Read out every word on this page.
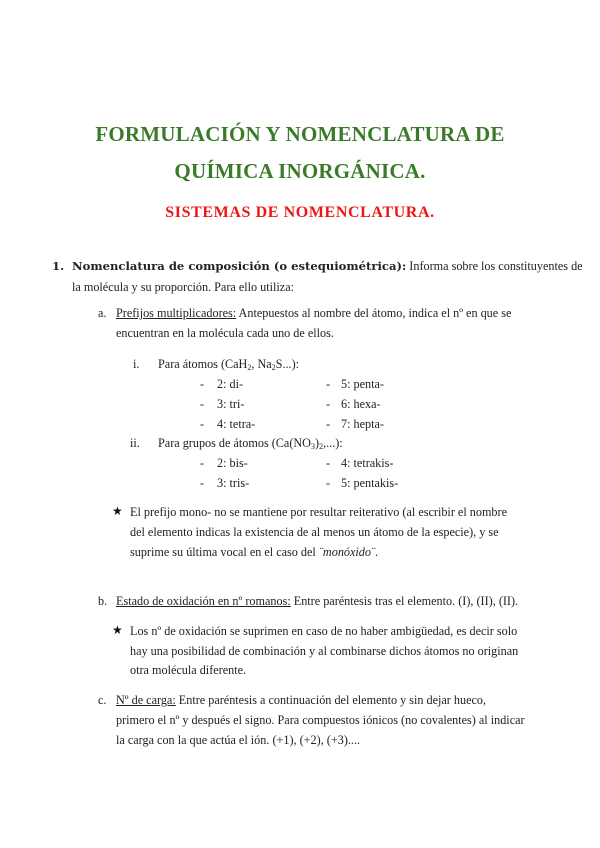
FORMULACIÓN Y NOMENCLATURA DE
QUÍMICA INORGÁNICA.
SISTEMAS DE NOMENCLATURA.
1. Nomenclatura de composición (o estequiométrica): Informa sobre los constituyentes de
la molécula y su proporción. Para ello utiliza:
a. Prefijos multiplicadores: Antepuestos al nombre del átomo, indica el nº en que se
encuentran en la molécula cada uno de ellos.
i. Para átomos (CaH$_2$, $Na_2S$...):
- 2: di-	- 5: penta-
- 3: tri-	- 6: hexa-
- 4: tetra-	- 7: hepta-
ii. Para grupos de átomos $(Ca(NO_3)_2,...)$:
- 2: bis-	- 4: tetrakis-
- 3: tris-	- 5: pentakis-
★ El prefijo mono- no se mantiene por resultar reiterativo (al escribir el nombre
del elemento indicas la existencia de al menos un átomo de la especie), y se
suprime su última vocal en el caso del ¨monóxido¨.
b. Estado de oxidación en nº romanos: Entre paréntesis tras el elemento. (I), (II), (II).
★ Los nº de oxidación se suprimen en caso de no haber ambigüedad, es decir solo
hay una posibilidad de combinación y al combinarse dichos átomos no originan
otra molécula diferente.
c. Nº de carga: Entre paréntesis a continuación del elemento y sin dejar hueco,
primero el nº y después el signo. Para compuestos iónicos (no covalentes) al indicar
la carga con la que actúa el ión. (+1), (+2), (+3)....
